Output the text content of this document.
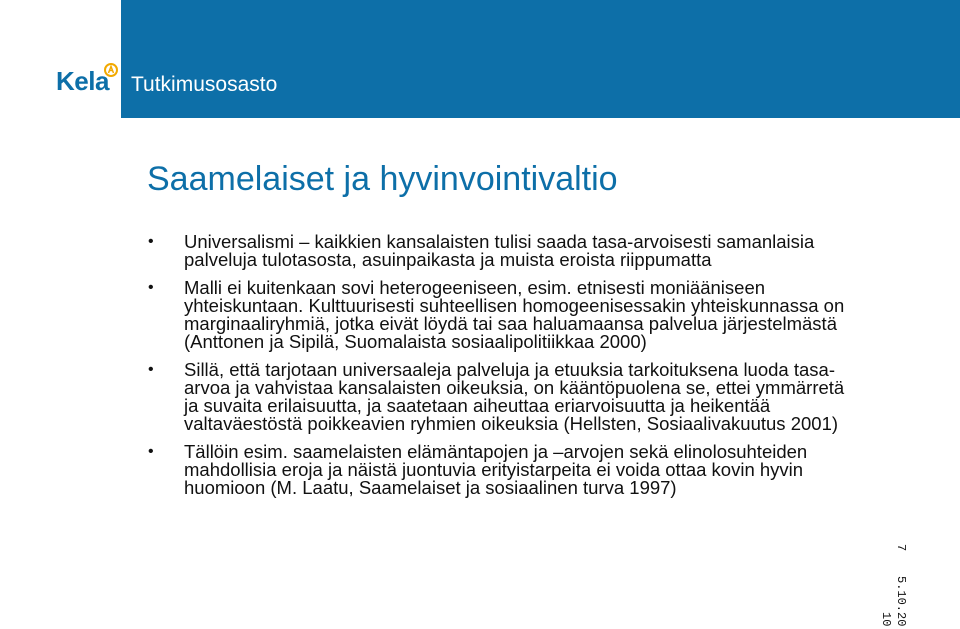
Kela Tutkimusosasto
Saamelaiset ja hyvinvointivaltio
• Universalismi – kaikkien kansalaisten tulisi saada tasa-arvoisesti samanlaisia palveluja tulotasosta, asuinpaikasta ja muista eroista riippumatta
• Malli ei kuitenkaan sovi heterogeeniseen, esim. etnisesti moniääniseen yhteiskuntaan. Kulttuurisesti suhteellisen homogeenisessakin yhteiskunnassa on marginaaliryhmiä, jotka eivät löydä tai saa haluamaansa palvelua järjestelmästä (Anttonen ja Sipilä, Suomalaista sosiaalipolitiikkaa 2000)
• Sillä, että tarjotaan universaaleja palveluja ja etuuksia tarkoituksena luoda tasa-arvoa ja vahvistaa kansalaisten oikeuksia, on kääntöpuolena se, ettei ymmärretä ja suvaita erilaisuutta, ja saatetaan aiheuttaa eriarvoisuutta ja heikentää valtaväestöstä poikkeavien ryhmien oikeuksia (Hellsten, Sosiaalivakuutus 2001)
• Tällöin esim. saamelaisten elämäntapojen ja –arvojen sekä elinolosuhteiden mahdollisia eroja ja näistä juontuvia erityistarpeita ei voida ottaa kovin hyvin huomioon (M. Laatu, Saamelaiset ja sosiaalinen turva 1997)
7
5.10.20
10
